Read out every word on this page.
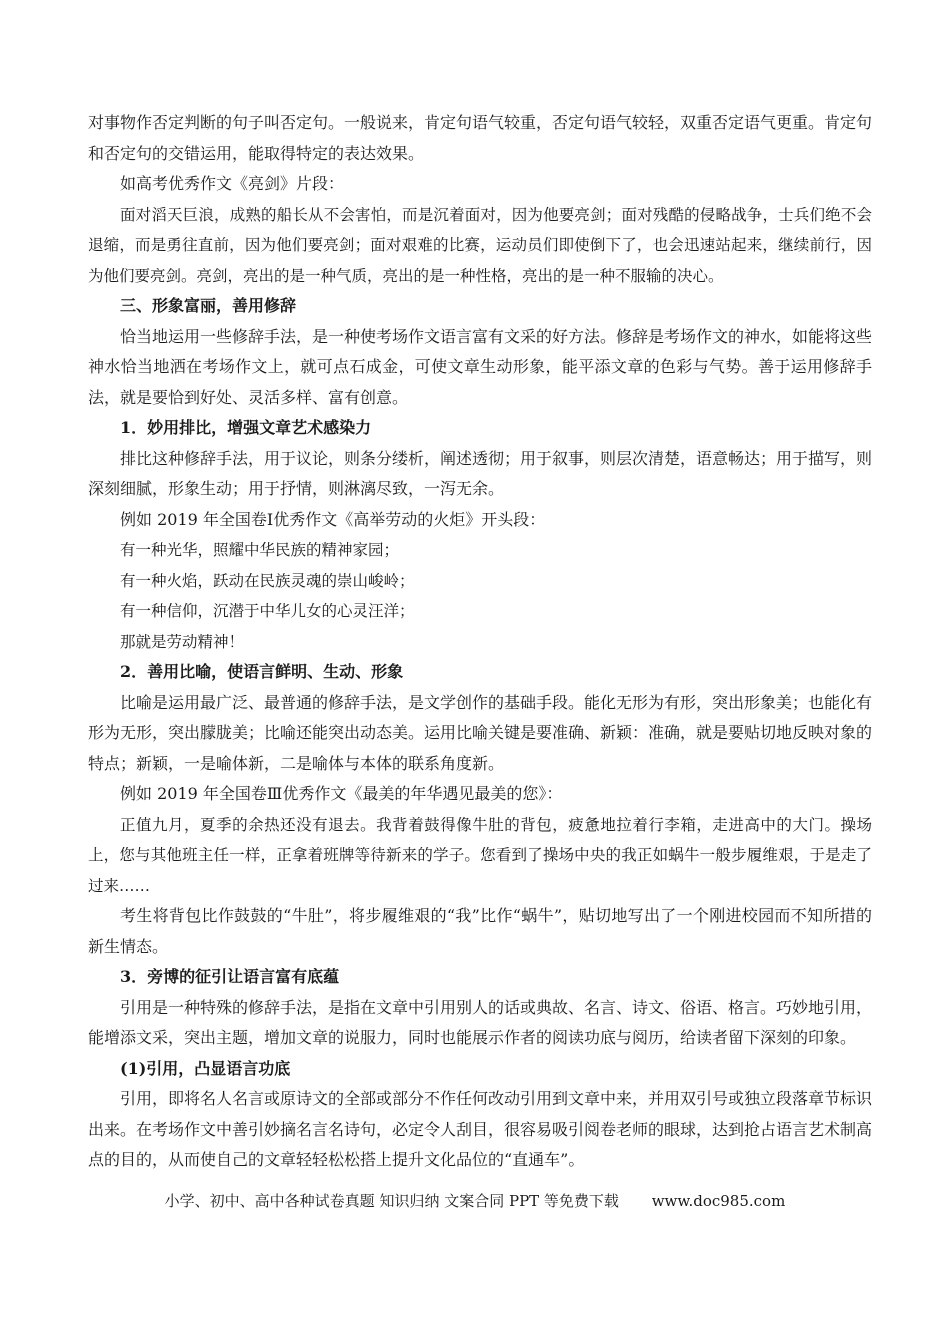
对事物作否定判断的句子叫否定句。一般说来，肯定句语气较重，否定句语气较轻，双重否定语气更重。肯定句和否定句的交错运用，能取得特定的表达效果。

如高考优秀作文《亮剑》片段：

面对滔天巨浪，成熟的船长从不会害怕，而是沉着面对，因为他要亮剑；面对残酷的侵略战争，士兵们绝不会退缩，而是勇往直前，因为他们要亮剑；面对艰难的比赛，运动员们即使倒下了，也会迅速站起来，继续前行，因为他们要亮剑。亮剑，亮出的是一种气质，亮出的是一种性格，亮出的是一种不服输的决心。

三、形象富丽，善用修辞

恰当地运用一些修辞手法，是一种使考场作文语言富有文采的好方法。修辞是考场作文的神水，如能将这些神水恰当地洒在考场作文上，就可点石成金，可使文章生动形象，能平添文章的色彩与气势。善于运用修辞手法，就是要恰到好处、灵活多样、富有创意。

1．妙用排比，增强文章艺术感染力

排比这种修辞手法，用于议论，则条分缕析，阐述透彻；用于叙事，则层次清楚，语意畅达；用于描写，则深刻细腻，形象生动；用于抒情，则淋漓尽致，一泻无余。

例如 2019 年全国卷Ⅰ优秀作文《高举劳动的火炬》开头段：

有一种光华，照耀中华民族的精神家园；

有一种火焰，跃动在民族灵魂的崇山峻岭；

有一种信仰，沉潜于中华儿女的心灵汪洋；

那就是劳动精神！

2．善用比喻，使语言鲜明、生动、形象

比喻是运用最广泛、最普通的修辞手法，是文学创作的基础手段。能化无形为有形，突出形象美；也能化有形为无形，突出朦胧美；比喻还能突出动态美。运用比喻关键是要准确、新颖：准确，就是要贴切地反映对象的特点；新颖，一是喻体新，二是喻体与本体的联系角度新。

例如 2019 年全国卷Ⅲ优秀作文《最美的年华遇见最美的您》：

正值九月，夏季的余热还没有退去。我背着鼓得像牛肚的背包，疲惫地拉着行李箱，走进高中的大门。操场上，您与其他班主任一样，正拿着班牌等待新来的学子。您看到了操场中央的我正如蜗牛一般步履维艰，于是走了过来……

考生将背包比作鼓鼓的“牛肚”，将步履维艰的“我”比作“蜗牛”，贴切地写出了一个刚进校园而不知所措的新生情态。

3．旁博的征引让语言富有底蕴

引用是一种特殊的修辞手法，是指在文章中引用别人的话或典故、名言、诗文、俗语、格言。巧妙地引用，能增添文采，突出主题，增加文章的说服力，同时也能展示作者的阅读功底与阅历，给读者留下深刻的印象。

(1)引用，凸显语言功底

引用，即将名人名言或原诗文的全部或部分不作任何改动引用到文章中来，并用双引号或独立段落章节标识出来。在考场作文中善引妙摘名言名诗句，必定令人刮目，很容易吸引阅卷老师的眼球，达到抢占语言艺术制高点的目的，从而使自己的文章轻轻松松搭上提升文化品位的“直通车”。

小学、初中、高中各种试卷真题 知识归纳 文案合同 PPT 等免费下载 www.doc985.com
